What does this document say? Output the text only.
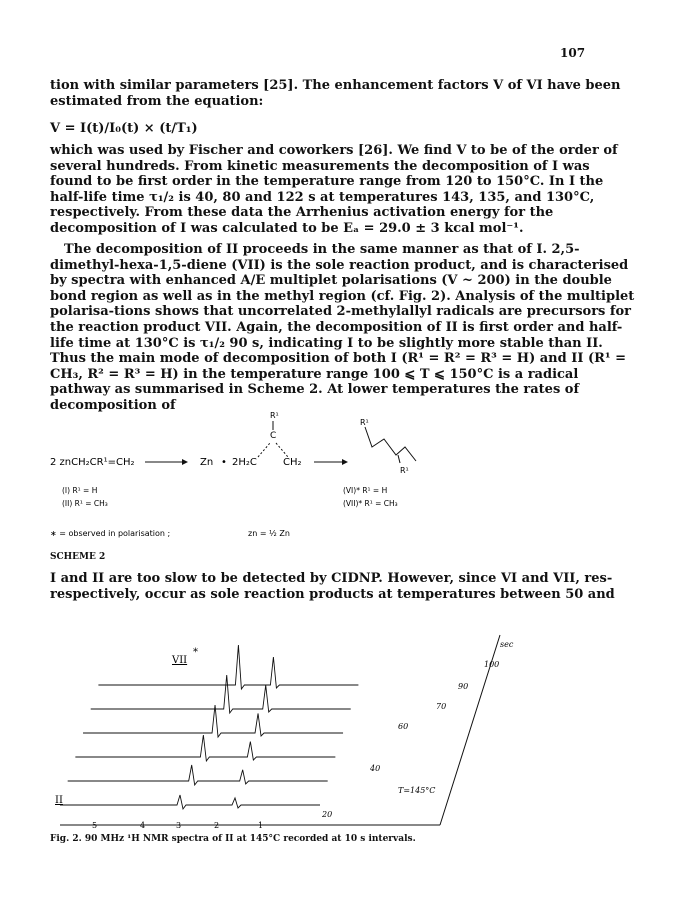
107

tion with similar parameters [25]. The enhancement factors V of VI have been estimated from the equation:

V = I(t)/I₀(t) × (t/T₁)

which was used by Fischer and coworkers [26]. We find V to be of the order of several hundreds. From kinetic measurements the decomposition of I was found to be first order in the temperature range from 120 to 150°C. In I the half-life time τ₁/₂ is 40, 80 and 122 s at temperatures 143, 135, and 130°C, respectively. From these data the Arrhenius activation energy for the decomposition of I was calculated to be Eₐ = 29.0 ± 3 kcal mol⁻¹.

The decomposition of II proceeds in the same manner as that of I. 2,5-dimethyl-hexa-1,5-diene (VII) is the sole reaction product, and is characterised by spectra with enhanced A/E multiplet polarisations (V ~ 200) in the double bond region as well as in the methyl region (cf. Fig. 2). Analysis of the multiplet polarisa-tions shows that uncorrelated 2-methylallyl radicals are precursors for the reaction product VII. Again, the decomposition of II is first order and half-life time at 130°C is τ₁/₂ 90 s, indicating I to be slightly more stable than II. Thus the main mode of decomposition of both I (R¹ = R² = R³ = H) and II (R¹ = CH₃, R² = R³ = H) in the temperature range 100 ⩽ T ⩽ 150°C is a radical pathway as summarised in Scheme 2. At lower temperatures the rates of decomposition of

2 znCH₂CR¹=CH₂	Zn • 2H₂C	CH₂
C
R¹
R¹
R¹
(I) R¹ = H
(II) R¹ = CH₃
(VI)* R¹ = H
(VII)* R¹ = CH₃
∗ = observed in polarisation ;	zn = ½ Zn
SCHEME 2

I and II are too slow to be detected by CIDNP. However, since VI and VII, res-respectively, occur as sole reaction products at temperatures between 50 and

VII
*
II
sec
20
40
60
70
90
100
T=145°C
5	4	3	2	1
Fig. 2. 90 MHz ¹H NMR spectra of II at 145°C recorded at 10 s intervals.
